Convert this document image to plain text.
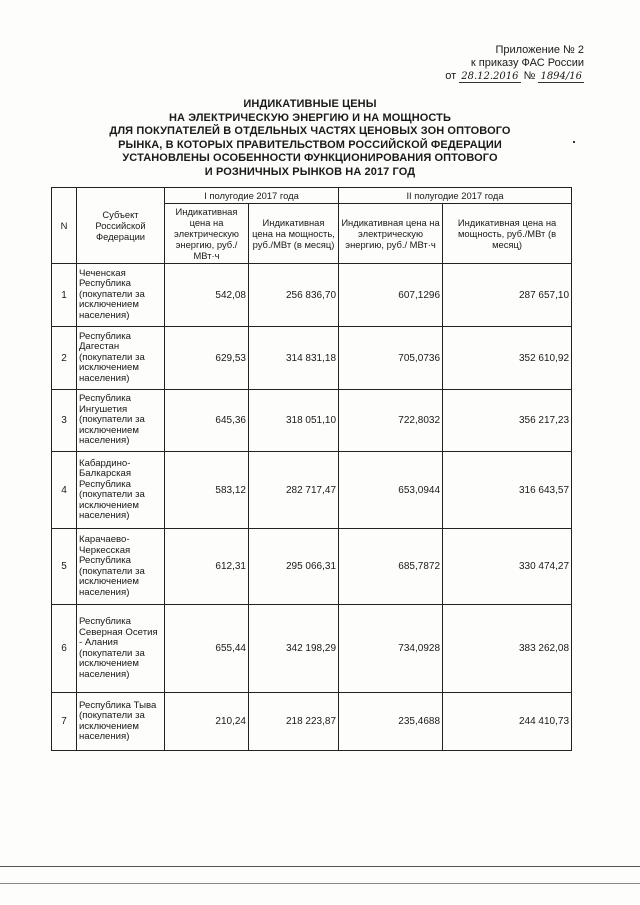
Приложение № 2
к приказу ФАС России
от 28.12.2016 № 1894/16
ИНДИКАТИВНЫЕ ЦЕНЫ
НА ЭЛЕКТРИЧЕСКУЮ ЭНЕРГИЮ И НА МОЩНОСТЬ
ДЛЯ ПОКУПАТЕЛЕЙ В ОТДЕЛЬНЫХ ЧАСТЯХ ЦЕНОВЫХ ЗОН ОПТОВОГО
РЫНКА, В КОТОРЫХ ПРАВИТЕЛЬСТВОМ РОССИЙСКОЙ ФЕДЕРАЦИИ
УСТАНОВЛЕНЫ ОСОБЕННОСТИ ФУНКЦИОНИРОВАНИЯ ОПТОВОГО
И РОЗНИЧНЫХ РЫНКОВ НА 2017 ГОД
N	Субъект Российской Федерации	I полугодие 2017 года		II полугодие 2017 года	
		Индикативная цена на электрическую энергию, руб./ МВт·ч	Индикативная цена на мощность, руб./МВт (в месяц)	Индикативная цена на электрическую энергию, руб./ МВт·ч	Индикативная цена на мощность, руб./МВт (в месяц)
1	Чеченская Республика (покупатели за исключением населения)	542,08	256 836,70	607,1296	287 657,10
2	Республика Дагестан (покупатели за исключением населения)	629,53	314 831,18	705,0736	352 610,92
3	Республика Ингушетия (покупатели за исключением населения)	645,36	318 051,10	722,8032	356 217,23
4	Кабардино-Балкарская Республика (покупатели за исключением населения)	583,12	282 717,47	653,0944	316 643,57
5	Карачаево-Черкесская Республика (покупатели за исключением населения)	612,31	295 066,31	685,7872	330 474,27
6	Республика Северная Осетия - Алания (покупатели за исключением населения)	655,44	342 198,29	734,0928	383 262,08
7	Республика Тыва (покупатели за исключением населения)	210,24	218 223,87	235,4688	244 410,73
